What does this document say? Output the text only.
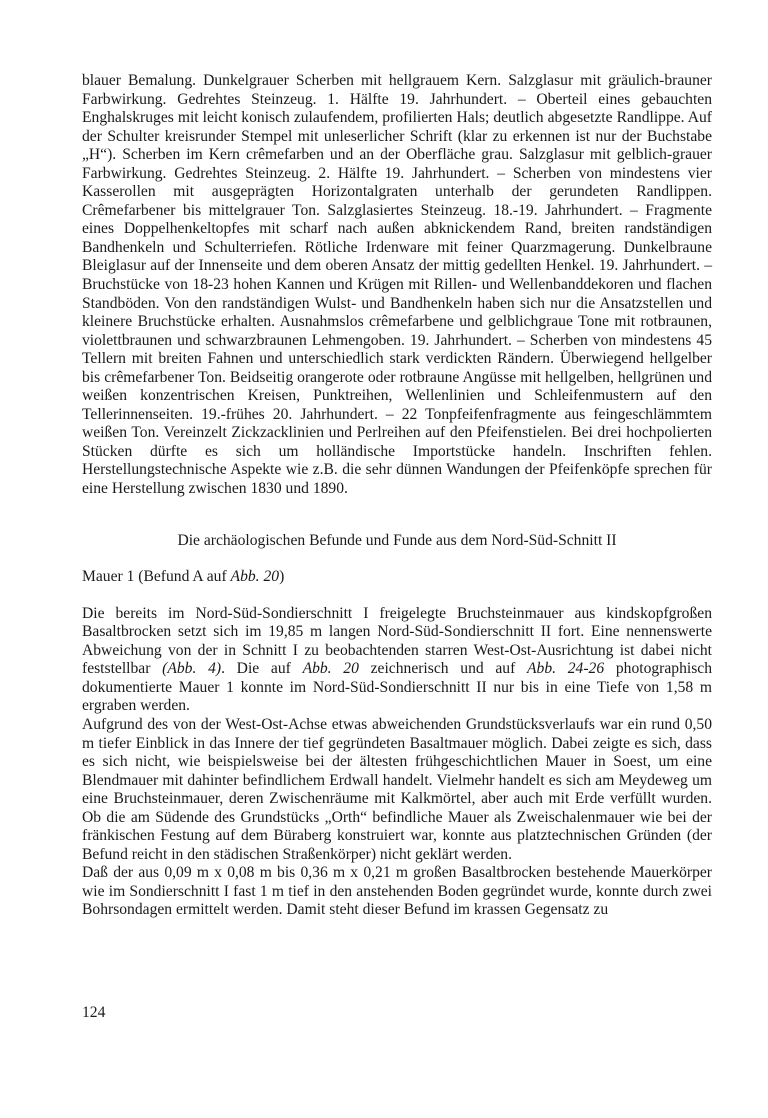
blauer Bemalung. Dunkelgrauer Scherben mit hellgrauem Kern. Salzglasur mit gräulich-brauner Farbwirkung. Gedrehtes Steinzeug. 1. Hälfte 19. Jahrhundert. – Oberteil eines gebauchten Enghalskruges mit leicht konisch zulaufendem, profilierten Hals; deutlich abgesetzte Randlippe. Auf der Schulter kreisrunder Stempel mit unleserlicher Schrift (klar zu erkennen ist nur der Buchstabe „H“). Scherben im Kern crêmefarben und an der Oberfläche grau. Salzglasur mit gelblich-grauer Farbwirkung. Gedrehtes Steinzeug. 2. Hälfte 19. Jahrhundert. – Scherben von mindestens vier Kasserollen mit ausgeprägten Horizontalgraten unterhalb der gerundeten Randlippen. Crêmefarbener bis mittelgrauer Ton. Salzglasiertes Steinzeug. 18.-19. Jahrhundert. – Fragmente eines Doppelhenkeltopfes mit scharf nach außen abknickendem Rand, breiten randständigen Bandhenkeln und Schulterriefen. Rötliche Irdenware mit feiner Quarzmagerung. Dunkelbraune Bleiglasur auf der Innenseite und dem oberen Ansatz der mittig gedellten Henkel. 19. Jahrhundert. – Bruchstücke von 18-23 hohen Kannen und Krügen mit Rillen- und Wellenbanddekoren und flachen Standböden. Von den randständigen Wulst- und Bandhenkeln haben sich nur die Ansatzstellen und kleinere Bruchstücke erhalten. Ausnahmslos crêmefarbene und gelblichgraue Tone mit rotbraunen, violettbraunen und schwarzbraunen Lehmengoben. 19. Jahrhundert. – Scherben von mindestens 45 Tellern mit breiten Fahnen und unterschiedlich stark verdickten Rändern. Überwiegend hellgelber bis crêmefarbener Ton. Beidseitig orangerote oder rotbraune Angüsse mit hellgelben, hellgrünen und weißen konzentrischen Kreisen, Punktreihen, Wellenlinien und Schleifenmustern auf den Tellerinnenseiten. 19.-frühes 20. Jahrhundert. – 22 Tonpfeifenfragmente aus feingeschlämmtem weißen Ton. Vereinzelt Zickzacklinien und Perlreihen auf den Pfeifenstielen. Bei drei hochpolierten Stücken dürfte es sich um holländische Importstücke handeln. Inschriften fehlen. Herstellungstechnische Aspekte wie z.B. die sehr dünnen Wandungen der Pfeifenköpfe sprechen für eine Herstellung zwischen 1830 und 1890.

Die archäologischen Befunde und Funde aus dem Nord-Süd-Schnitt II

Mauer 1 (Befund A auf Abb. 20)

Die bereits im Nord-Süd-Sondierschnitt I freigelegte Bruchsteinmauer aus kindskopfgroßen Basaltbrocken setzt sich im 19,85 m langen Nord-Süd-Sondierschnitt II fort. Eine nennenswerte Abweichung von der in Schnitt I zu beobachtenden starren West-Ost-Ausrichtung ist dabei nicht feststellbar (Abb. 4). Die auf Abb. 20 zeichnerisch und auf Abb. 24-26 photographisch dokumentierte Mauer 1 konnte im Nord-Süd-Sondierschnitt II nur bis in eine Tiefe von 1,58 m ergraben werden.

Aufgrund des von der West-Ost-Achse etwas abweichenden Grundstücksverlaufs war ein rund 0,50 m tiefer Einblick in das Innere der tief gegründeten Basaltmauer möglich. Dabei zeigte es sich, dass es sich nicht, wie beispielsweise bei der ältesten frühgeschichtlichen Mauer in Soest, um eine Blendmauer mit dahinter befindlichem Erdwall handelt. Vielmehr handelt es sich am Meydeweg um eine Bruchsteinmauer, deren Zwischenräume mit Kalkmörtel, aber auch mit Erde verfüllt wurden. Ob die am Südende des Grundstücks „Orth“ befindliche Mauer als Zweischalenmauer wie bei der fränkischen Festung auf dem Büraberg konstruiert war, konnte aus platztechnischen Gründen (der Befund reicht in den städischen Straßenkörper) nicht geklärt werden.

Daß der aus 0,09 m x 0,08 m bis 0,36 m x 0,21 m großen Basaltbrocken bestehende Mauerkörper wie im Sondierschnitt I fast 1 m tief in den anstehenden Boden gegründet wurde, konnte durch zwei Bohrsondagen ermittelt werden. Damit steht dieser Befund im krassen Gegensatz zu

124
